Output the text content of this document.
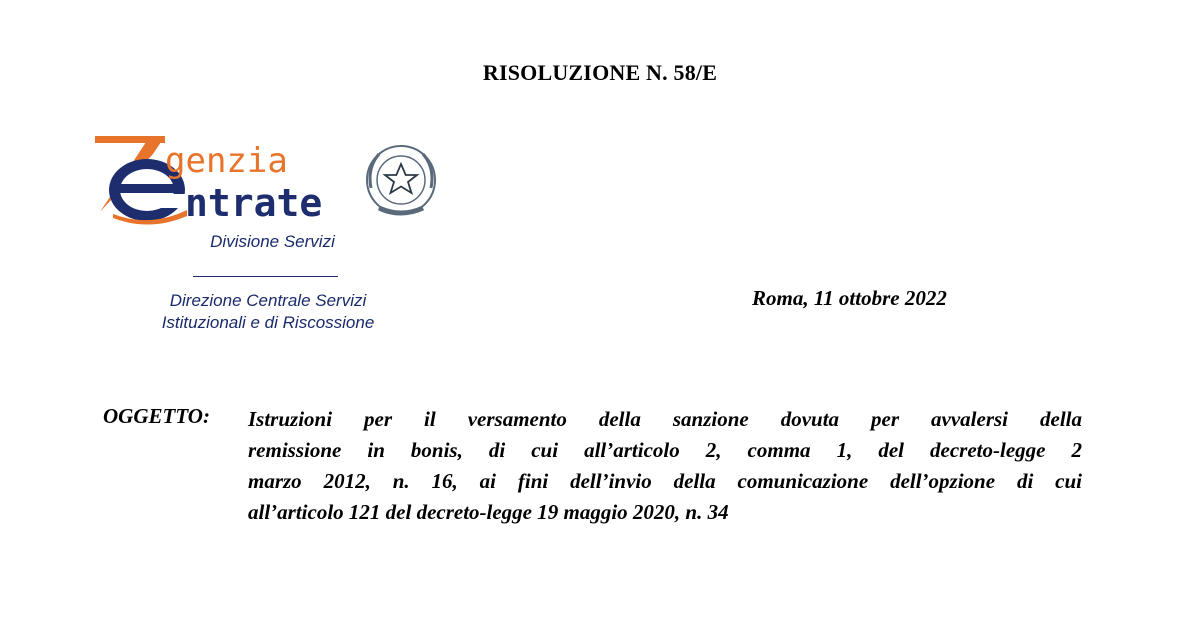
RISOLUZIONE N. 58/E
genzia
ntrate
Divisione Servizi
Direzione Centrale Servizi
Istituzionali e di Riscossione
Roma, 11 ottobre 2022
OGGETTO: Istruzioni per il versamento della sanzione dovuta per avvalersi della
remissione in bonis, di cui all’articolo 2, comma 1, del decreto-legge 2
marzo 2012, n. 16, ai fini dell’invio della comunicazione dell’opzione di cui
all’articolo 121 del decreto-legge 19 maggio 2020, n. 34
